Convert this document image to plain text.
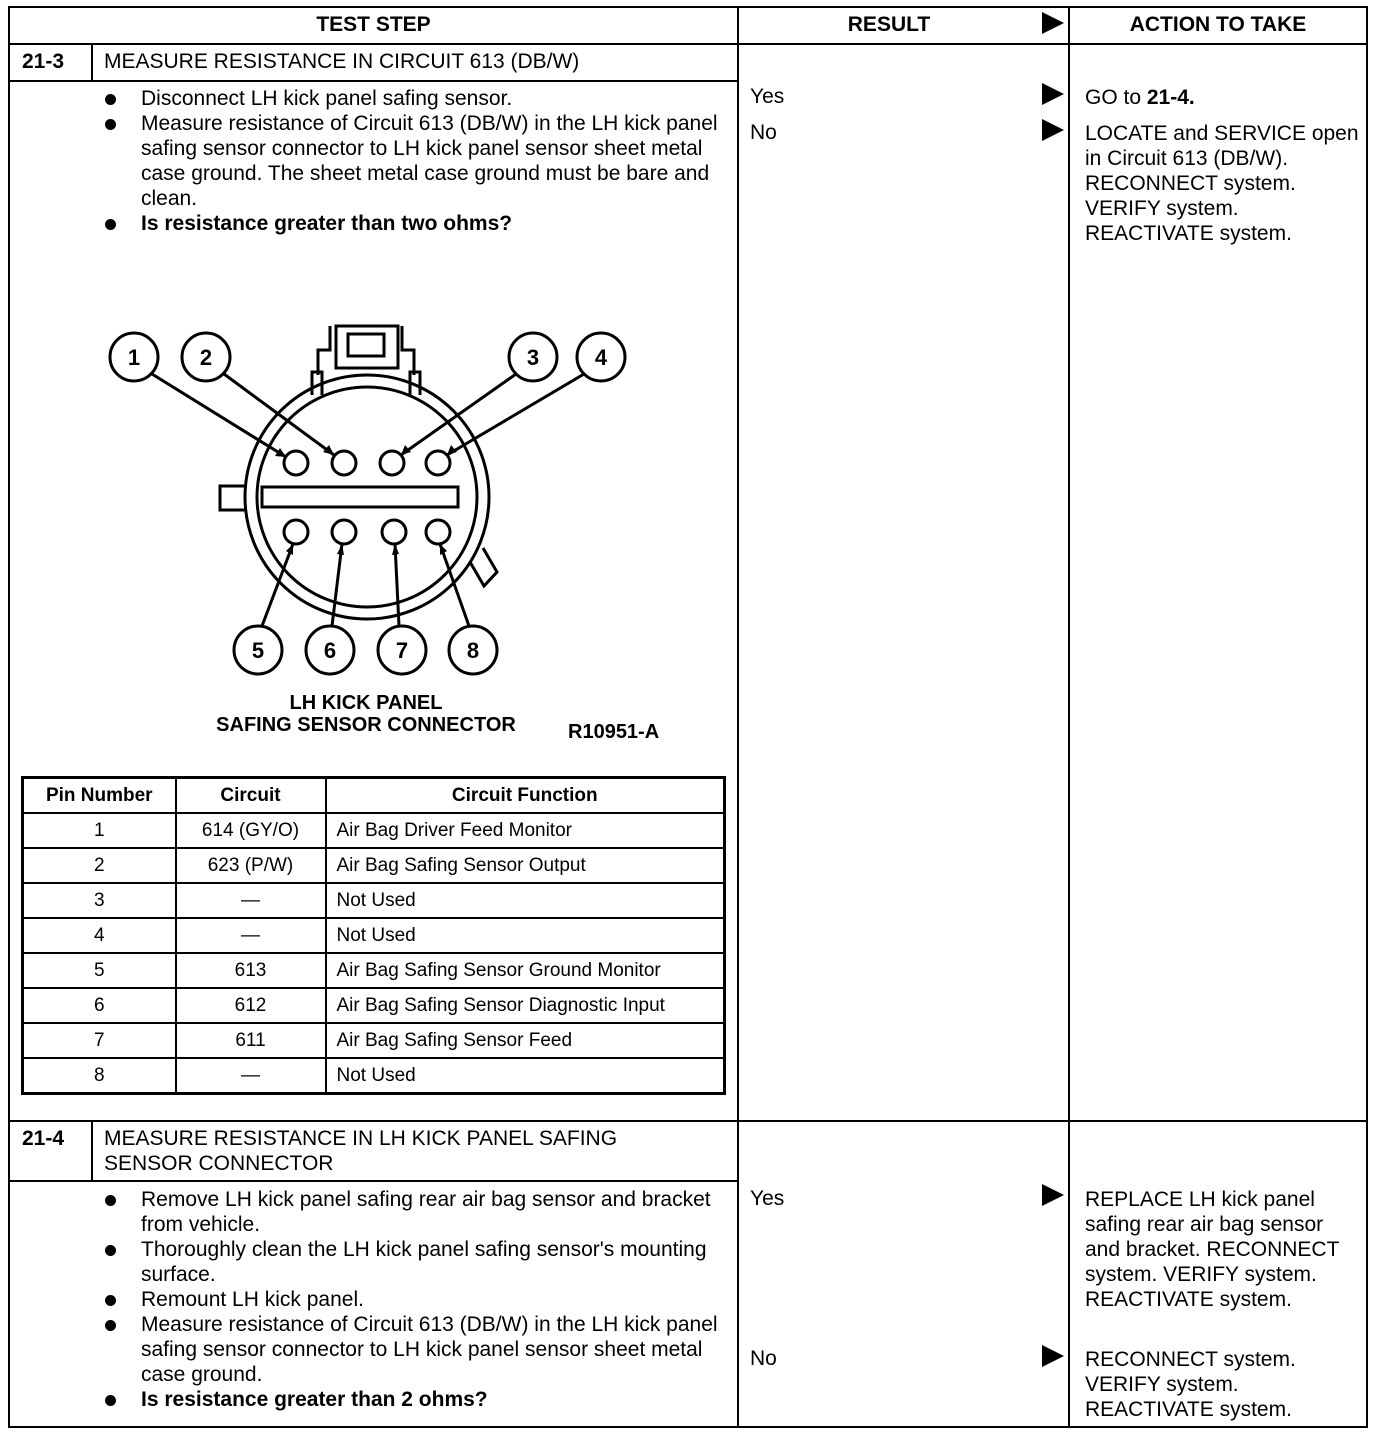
TEST STEP	RESULT	ACTION TO TAKE
21-3 MEASURE RESISTANCE IN CIRCUIT 613 (DB/W)
Disconnect LH kick panel safing sensor.
Measure resistance of Circuit 613 (DB/W) in the LH kick panel safing sensor connector to LH kick panel sensor sheet metal case ground. The sheet metal case ground must be bare and clean.
Is resistance greater than two ohms?
Yes	GO to 21-4.
No	LOCATE and SERVICE open in Circuit 613 (DB/W). RECONNECT system. VERIFY system. REACTIVATE system.
1	2	3	4
5	6	7	8
LH KICK PANEL
SAFING SENSOR CONNECTOR	R10951-A
Pin Number	Circuit	Circuit Function
1	614 (GY/O)	Air Bag Driver Feed Monitor
2	623 (P/W)	Air Bag Safing Sensor Output
3	—	Not Used
4	—	Not Used
5	613	Air Bag Safing Sensor Ground Monitor
6	612	Air Bag Safing Sensor Diagnostic Input
7	611	Air Bag Safing Sensor Feed
8	—	Not Used
21-4 MEASURE RESISTANCE IN LH KICK PANEL SAFING SENSOR CONNECTOR
Remove LH kick panel safing rear air bag sensor and bracket from vehicle.
Thoroughly clean the LH kick panel safing sensor's mounting surface.
Remount LH kick panel.
Measure resistance of Circuit 613 (DB/W) in the LH kick panel safing sensor connector to LH kick panel sensor sheet metal case ground.
Is resistance greater than 2 ohms?
Yes	REPLACE LH kick panel safing rear air bag sensor and bracket. RECONNECT system. VERIFY system. REACTIVATE system.
No	RECONNECT system. VERIFY system. REACTIVATE system.
